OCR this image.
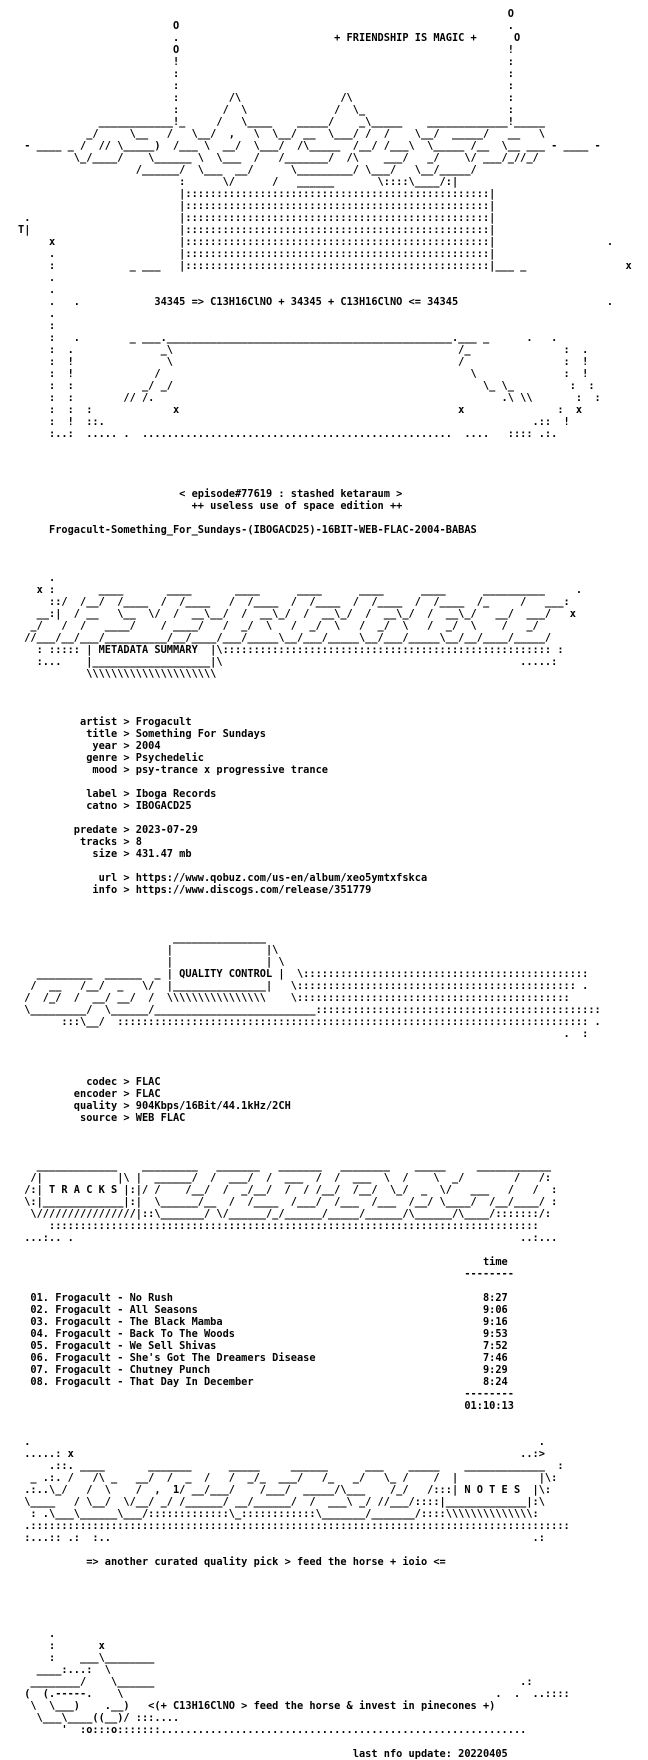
O
O                                                     .
.                         + FRIENDSHIP IS MAGIC +      O
O                                                     !
!                                                     :
:                                                     :
:                                                     :
:        /\                /\                         :
:       /  \              /  \_                       :
____________!_     /   \____    _____/    _\_____    _____________!_____
_/     \__   /   \__/  ,   \  \__/ __  \___/ /  /    \__/  _____/   __   \
- ____ _ /  // \_____)  /___ \  __/  \___/  /\_____  /__/ /___\  \_____ /__  \__ ___ - ____ -
\_/____/    \______ \  \___  /   /_______/  /\    ___/   _/    \/ ___/_//_/
/______/  \___  __/      \_________/ \___/   \__/_____/
:      \/      /   ______       \::::\____/:|
|:::::::::::::::::::::::::::::::::::::::::::::::::|
|:::::::::::::::::::::::::::::::::::::::::::::::::|
.                        |:::::::::::::::::::::::::::::::::::::::::::::::::|
T|                        |:::::::::::::::::::::::::::::::::::::::::::::::::|
x                    |:::::::::::::::::::::::::::::::::::::::::::::::::|                  .
.                    |:::::::::::::::::::::::::::::::::::::::::::::::::|
:            _ ___   |:::::::::::::::::::::::::::::::::::::::::::::::::|___ _                x
.
.
.   .            34345 => C13H16ClNO + 34345 + C13H16ClNO <= 34345                        .
.
:
:   .        _ ___.______________________________________________.___ _      .   .
:  .              _\                                              /_               :  .
:  !               \                                              /                :  !
:  !             /                                                  \              :  !
:  :           _/ _/                                                  \_ \_         :  :
:  :        // /.                                                        .\ \\       :  :
:  :  :             x                                             x               :  x
:  !  ::.                                                                     .::  !
:..:  ..... .  ..................................................  ....   :::: .:.

< episode#77619 : stashed ketaraum >
++ useless use of space edition ++

Frogacult-Something_For_Sundays-(IBOGACD25)-16BIT-WEB-FLAC-2004-BABAS

.
x :       ____       ____       ____      ____      ____      ____      __________     .
::/  /__/  /____  /  /____   /  /____  /  /____  /  /____  /  /____  /_     /   ___:
__:|  / __   \__  \/  /  __\__/  /  __\_/  /  __\_/  /  __\_/  /  __\_/   __/  ___/   x
_/   /  /   ____/    / ____/   /  _/  \   /  _/  \   /  _/  \   /  _/  \    /   _/
//___/__/___/__________/__/____/___/_____\__/___/_____\__/___/_____\__/__/____/_____/
: ::::: | METADATA SUMMARY  |\::::::::::::::::::::::::::::::::::::::::::::::::::::: :
:...    |___________________|\                                                .....:
\\\\\\\\\\\\\\\\\\\\\

artist > Frogacult
title > Something For Sundays
year > 2004
genre > Psychedelic
mood > psy-trance x progressive trance

label > Iboga Records
catno > IBOGACD25

predate > 2023-07-29
tracks > 8
size > 431.47 mb

url > https://www.qobuz.com/us-en/album/xeo5ymtxfskca
info > https://www.discogs.com/release/351779

_______________
|               |\
|               | \
_________  ______  _ | QUALITY CONTROL |  \::::::::::::::::::::::::::::::::::::::::::::::
/  __   /__/  _   \/  |_______________|   \::::::::::::::::::::::::::::::::::::::::::::: .
/  /_/  /  __/ __/  /  \\\\\\\\\\\\\\\\    \::::::::::::::::::::::::::::::::::::::::::::
\_________/  \______/__________________________::::::::::::::::::::::::::::::::::::::::::::::
:::\__/  :::::::::::::::::::::::::::::::::::::::::::::::::::::::::::::::::::::::::::: .
.  :

codec > FLAC
encoder > FLAC
quality > 904Kbps/16Bit/44.1kHz/2CH
source > WEB FLAC

_____________    _________   _______   _______   ________    _____     ____________
/|            |\ |  ______/  /  ___/  /  ___  /  /  ___  \  /    \  _/        /   /:
/:| T R A C K S |:|/ /    /__/  /  _/__/  /  / /__/  /__/  \_/  _  \/   ___   /   /  :
\:|_____________|:|  \______/__  /  /____  /___/  /___  /___  /__/ \____/  /__/____/ :
\////////////////|::\_______/ \/______/_/______/_____/______/\______/\____/:::::::/:
:::::::::::::::::::::::::::::::::::::::::::::::::::::::::::::::::::::::::::::::
...:.. .                                                                        ..:...

time
--------

01. Frogacult - No Rush                                                  8:27
02. Frogacult - All Seasons                                              9:06
03. Frogacult - The Black Mamba                                          9:16
04. Frogacult - Back To The Woods                                        9:53
05. Frogacult - We Sell Shivas                                           7:52
06. Frogacult - She's Got The Dreamers Disease                           7:46
07. Frogacult - Chutney Punch                                            9:29
08. Frogacult - That Day In December                                     8:24
--------
01:10:13

.                                                                                  .
.....: x                                                                        ..:>
.::. ____       _______      _____     ______      ___    _____    _____________  :
_ .:. /   /\ _   __/  /  _  /   /  _/_  ___/   /_   _/   \_ /    /  |             |\:
.:..\_/   /  \    /  ,  1/ __/___/    /___/  _____/\___    /_/   /:::| N O T E S  |\:
\____   / \__/  \/__/ _/ /______/ __/______/  /  ___\ _/ //___/::::|_____________|:\
: .\___\______\___/:::::::::::::\_::::::::::::\_______/_______/::::\\\\\\\\\\\\\\:
.:::::::::::::::::::::::::::::::::::::::::::::::::::::::::::::::::::::::::::::::::::::::
:...:: .:  :..                                                                    .:

=> another curated quality pick > feed the horse + ioio <=

.
:       x
:    ___\________
____:...:  \
________/    \______                                                           .:
(  (.-----.    \                                                            .  .  ..::::
\  \___)    .__)   <(+ C13H16ClNO > feed the horse & invest in pinecones +)
\___\____((__)/ :::....
'  :o:::o:::::::...........................................................

last nfo update: 20220405
